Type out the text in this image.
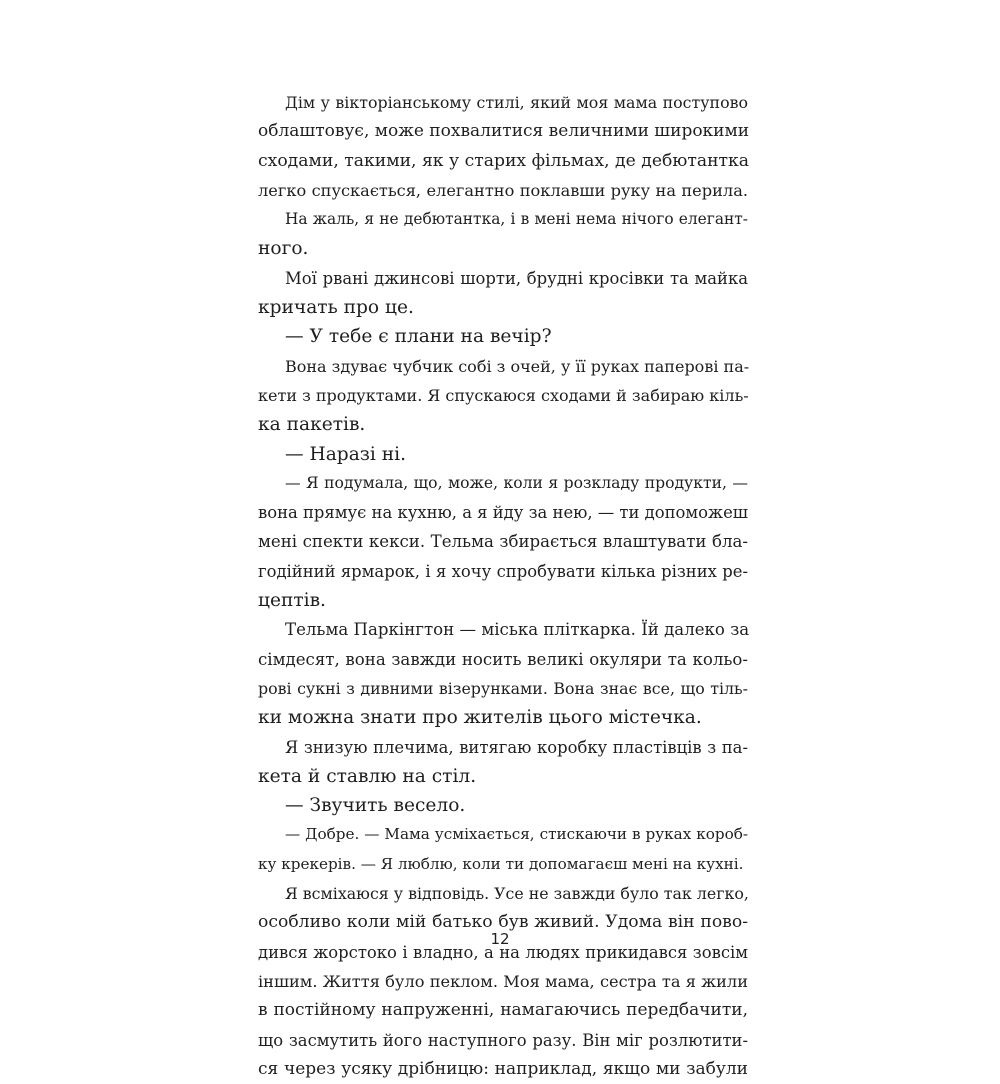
Дім у вікторіанському стилі, який моя мама поступово
облаштовує, може похвалитися величними широкими
сходами, такими, як у старих фільмах, де дебютантка
легко спускається, елегантно поклавши руку на перила.
На жаль, я не дебютантка, і в мені нема нічого елегант-
ного.
Мої рвані джинсові шорти, брудні кросівки та майка
кричать про це.
— У тебе є плани на вечір?
Вона здуває чубчик собі з очей, у її руках паперові па-
кети з продуктами. Я спускаюся сходами й забираю кіль-
ка пакетів.
— Наразі ні.
— Я подумала, що, може, коли я розкладу продукти, —
вона прямує на кухню, а я йду за нею, — ти допоможеш
мені спекти кекси. Тельма збирається влаштувати бла-
годійний ярмарок, і я хочу спробувати кілька різних ре-
цептів.
Тельма Паркінгтон — міська пліткарка. Їй далеко за
сімдесят, вона завжди носить великі окуляри та кольо-
рові сукні з дивними візерунками. Вона знає все, що тіль-
ки можна знати про жителів цього містечка.
Я знизую плечима, витягаю коробку пластівців з па-
кета й ставлю на стіл.
— Звучить весело.
— Добре. — Мама усміхається, стискаючи в руках короб-
ку крекерів. — Я люблю, коли ти допомагаєш мені на кухні.
Я всміхаюся у відповідь. Усе не завжди було так легко,
особливо коли мій батько був живий. Удома він пово-
дився жорстоко і владно, а на людях прикидався зовсім
іншим. Життя було пеклом. Моя мама, сестра та я жили
в постійному напруженні, намагаючись передбачити,
що засмутить його наступного разу. Він міг розлютити-
ся через усяку дрібницю: наприклад, якщо ми забули
12
